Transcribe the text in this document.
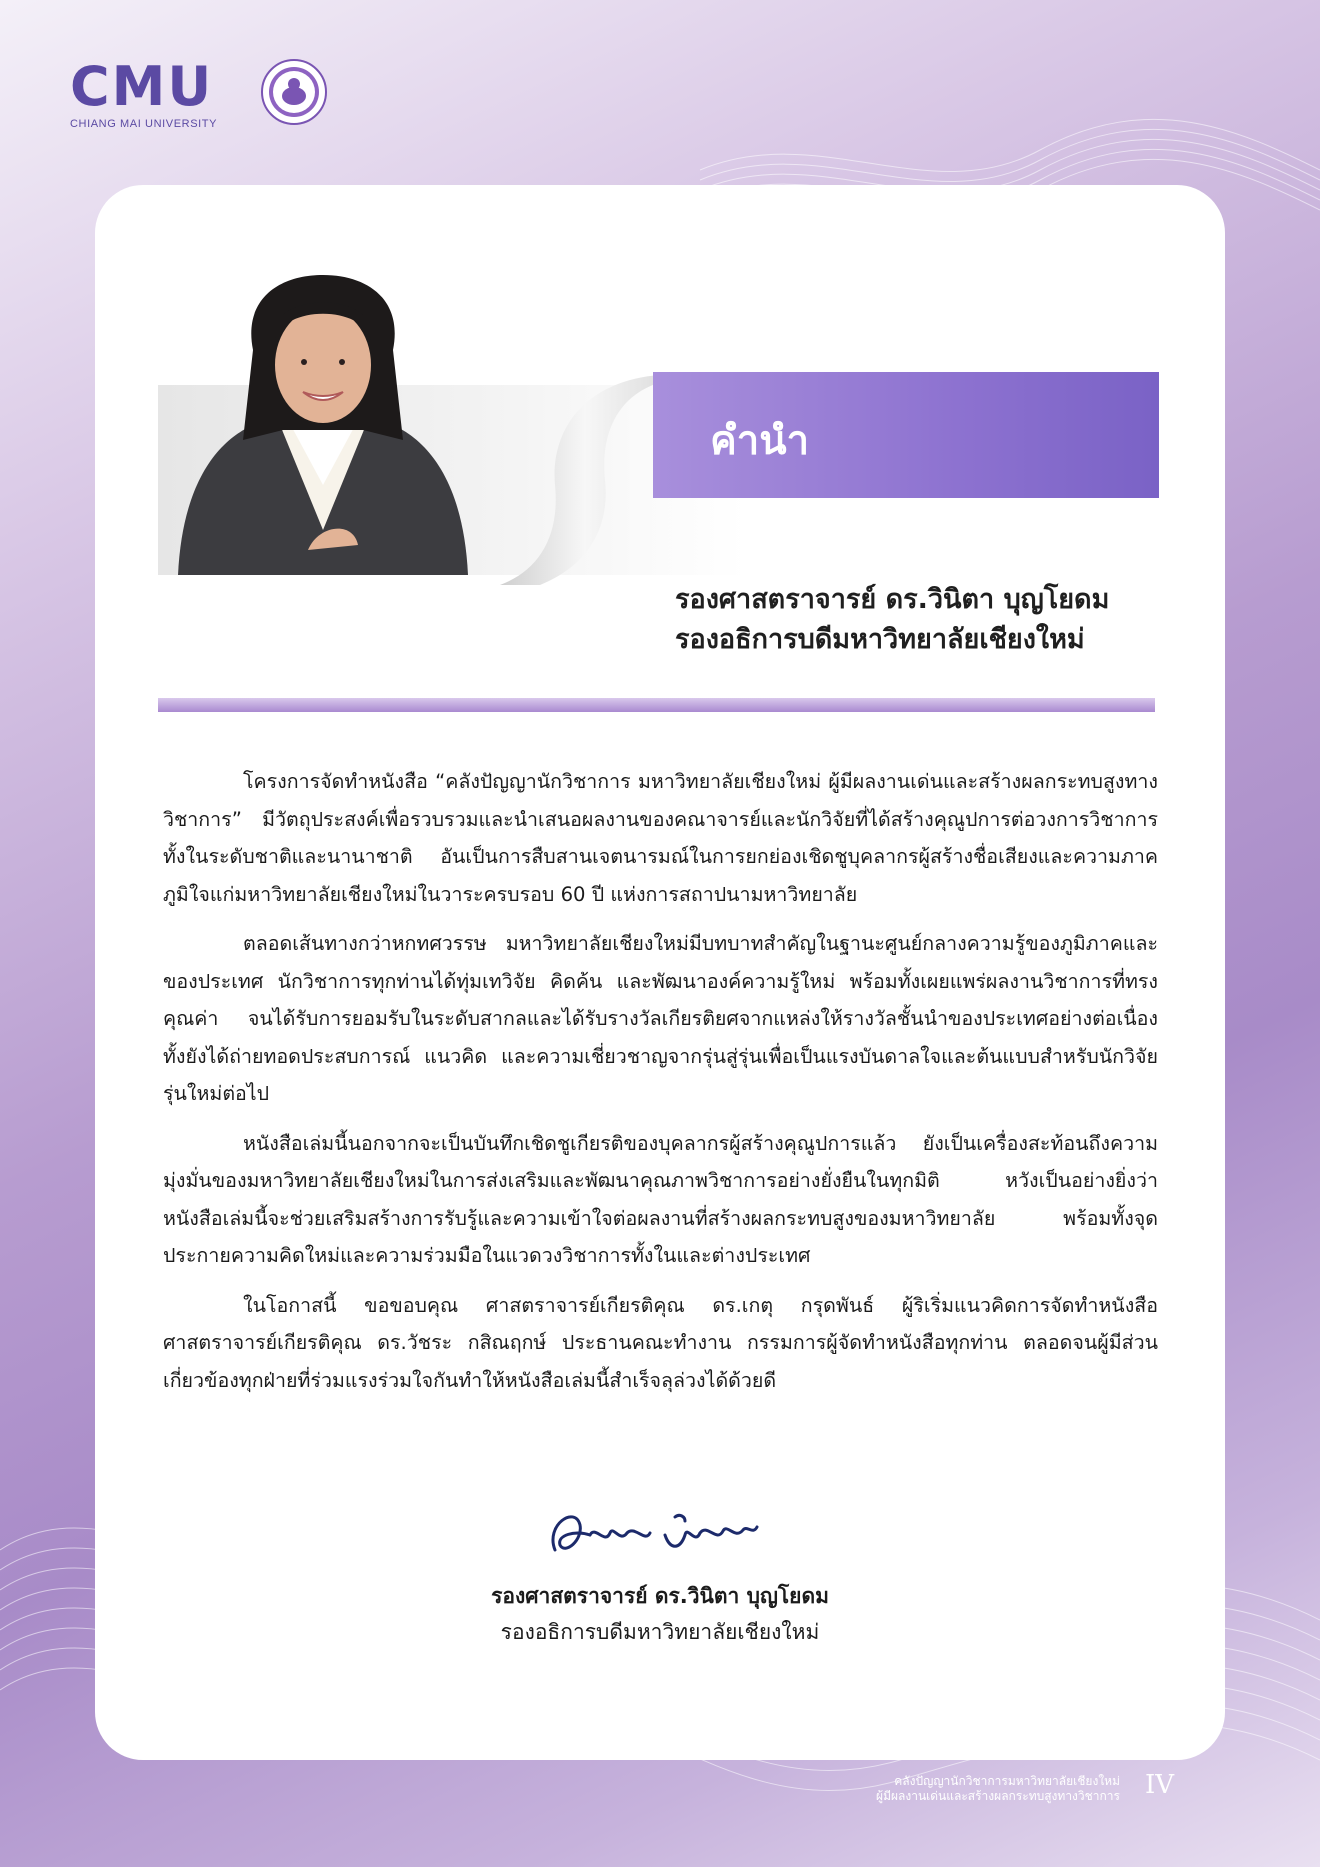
CMU
CHIANG MAI UNIVERSITY
คำนำ
รองศาสตราจารย์ ดร.วินิตา บุญโยดม
รองอธิการบดีมหาวิทยาลัยเชียงใหม่

โครงการจัดทำหนังสือ “คลังปัญญานักวิชาการ มหาวิทยาลัยเชียงใหม่ ผู้มีผลงานเด่นและสร้างผลกระทบสูงทางวิชาการ” มีวัตถุประสงค์เพื่อรวบรวมและนำเสนอผลงานของคณาจารย์และนักวิจัยที่ได้สร้างคุณูปการต่อวงการวิชาการทั้งในระดับชาติและนานาชาติ อันเป็นการสืบสานเจตนารมณ์ในการยกย่องเชิดชูบุคลากรผู้สร้างชื่อเสียงและความภาคภูมิใจแก่มหาวิทยาลัยเชียงใหม่ในวาระครบรอบ 60 ปี แห่งการสถาปนามหาวิทยาลัย

ตลอดเส้นทางกว่าหกทศวรรษ มหาวิทยาลัยเชียงใหม่มีบทบาทสำคัญในฐานะศูนย์กลางความรู้ของภูมิภาคและของประเทศ นักวิชาการทุกท่านได้ทุ่มเทวิจัย คิดค้น และพัฒนาองค์ความรู้ใหม่ พร้อมทั้งเผยแพร่ผลงานวิชาการที่ทรงคุณค่า จนได้รับการยอมรับในระดับสากลและได้รับรางวัลเกียรติยศจากแหล่งให้รางวัลชั้นนำของประเทศอย่างต่อเนื่อง ทั้งยังได้ถ่ายทอดประสบการณ์ แนวคิด และความเชี่ยวชาญจากรุ่นสู่รุ่นเพื่อเป็นแรงบันดาลใจและต้นแบบสำหรับนักวิจัยรุ่นใหม่ต่อไป

หนังสือเล่มนี้นอกจากจะเป็นบันทึกเชิดชูเกียรติของบุคลากรผู้สร้างคุณูปการแล้ว ยังเป็นเครื่องสะท้อนถึงความมุ่งมั่นของมหาวิทยาลัยเชียงใหม่ในการส่งเสริมและพัฒนาคุณภาพวิชาการอย่างยั่งยืนในทุกมิติ หวังเป็นอย่างยิ่งว่าหนังสือเล่มนี้จะช่วยเสริมสร้างการรับรู้และความเข้าใจต่อผลงานที่สร้างผลกระทบสูงของมหาวิทยาลัย พร้อมทั้งจุดประกายความคิดใหม่และความร่วมมือในแวดวงวิชาการทั้งในและต่างประเทศ

ในโอกาสนี้ ขอขอบคุณ ศาสตราจารย์เกียรติคุณ ดร.เกตุ กรุดพันธ์ ผู้ริเริ่มแนวคิดการจัดทำหนังสือ ศาสตราจารย์เกียรติคุณ ดร.วัชระ กสิณฤกษ์ ประธานคณะทำงาน กรรมการผู้จัดทำหนังสือทุกท่าน ตลอดจนผู้มีส่วนเกี่ยวข้องทุกฝ่ายที่ร่วมแรงร่วมใจกันทำให้หนังสือเล่มนี้สำเร็จลุล่วงได้ด้วยดี

รองศาสตราจารย์ ดร.วินิตา บุญโยดม
รองอธิการบดีมหาวิทยาลัยเชียงใหม่
คลังปัญญานักวิชาการมหาวิทยาลัยเชียงใหม่
ผู้มีผลงานเด่นและสร้างผลกระทบสูงทางวิชาการ IV
